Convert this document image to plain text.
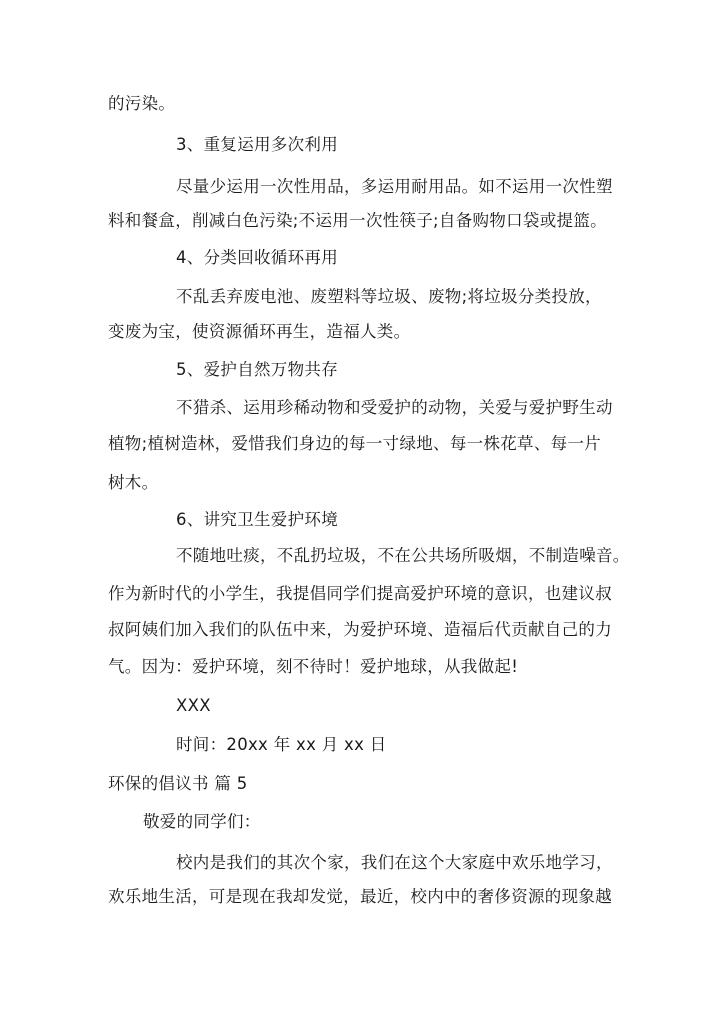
的污染。
3、重复运用多次利用
尽量少运用一次性用品，多运用耐用品。如不运用一次性塑
料和餐盒，削减白色污染;不运用一次性筷子;自备购物口袋或提篮。
4、分类回收循环再用
不乱丢弃废电池、废塑料等垃圾、废物;将垃圾分类投放，
变废为宝，使资源循环再生，造福人类。
5、爱护自然万物共存
不猎杀、运用珍稀动物和受爱护的动物，关爱与爱护野生动
植物;植树造林，爱惜我们身边的每一寸绿地、每一株花草、每一片
树木。
6、讲究卫生爱护环境
不随地吐痰，不乱扔垃圾，不在公共场所吸烟，不制造噪音。
作为新时代的小学生，我提倡同学们提高爱护环境的意识，也建议叔
叔阿姨们加入我们的队伍中来，为爱护环境、造福后代贡献自己的力
气。因为：爱护环境，刻不待时！爱护地球，从我做起!
XXX
时间：20xx 年 xx 月 xx 日
环保的倡议书 篇 5
敬爱的同学们：
校内是我们的其次个家，我们在这个大家庭中欢乐地学习，
欢乐地生活，可是现在我却发觉，最近，校内中的奢侈资源的现象越
